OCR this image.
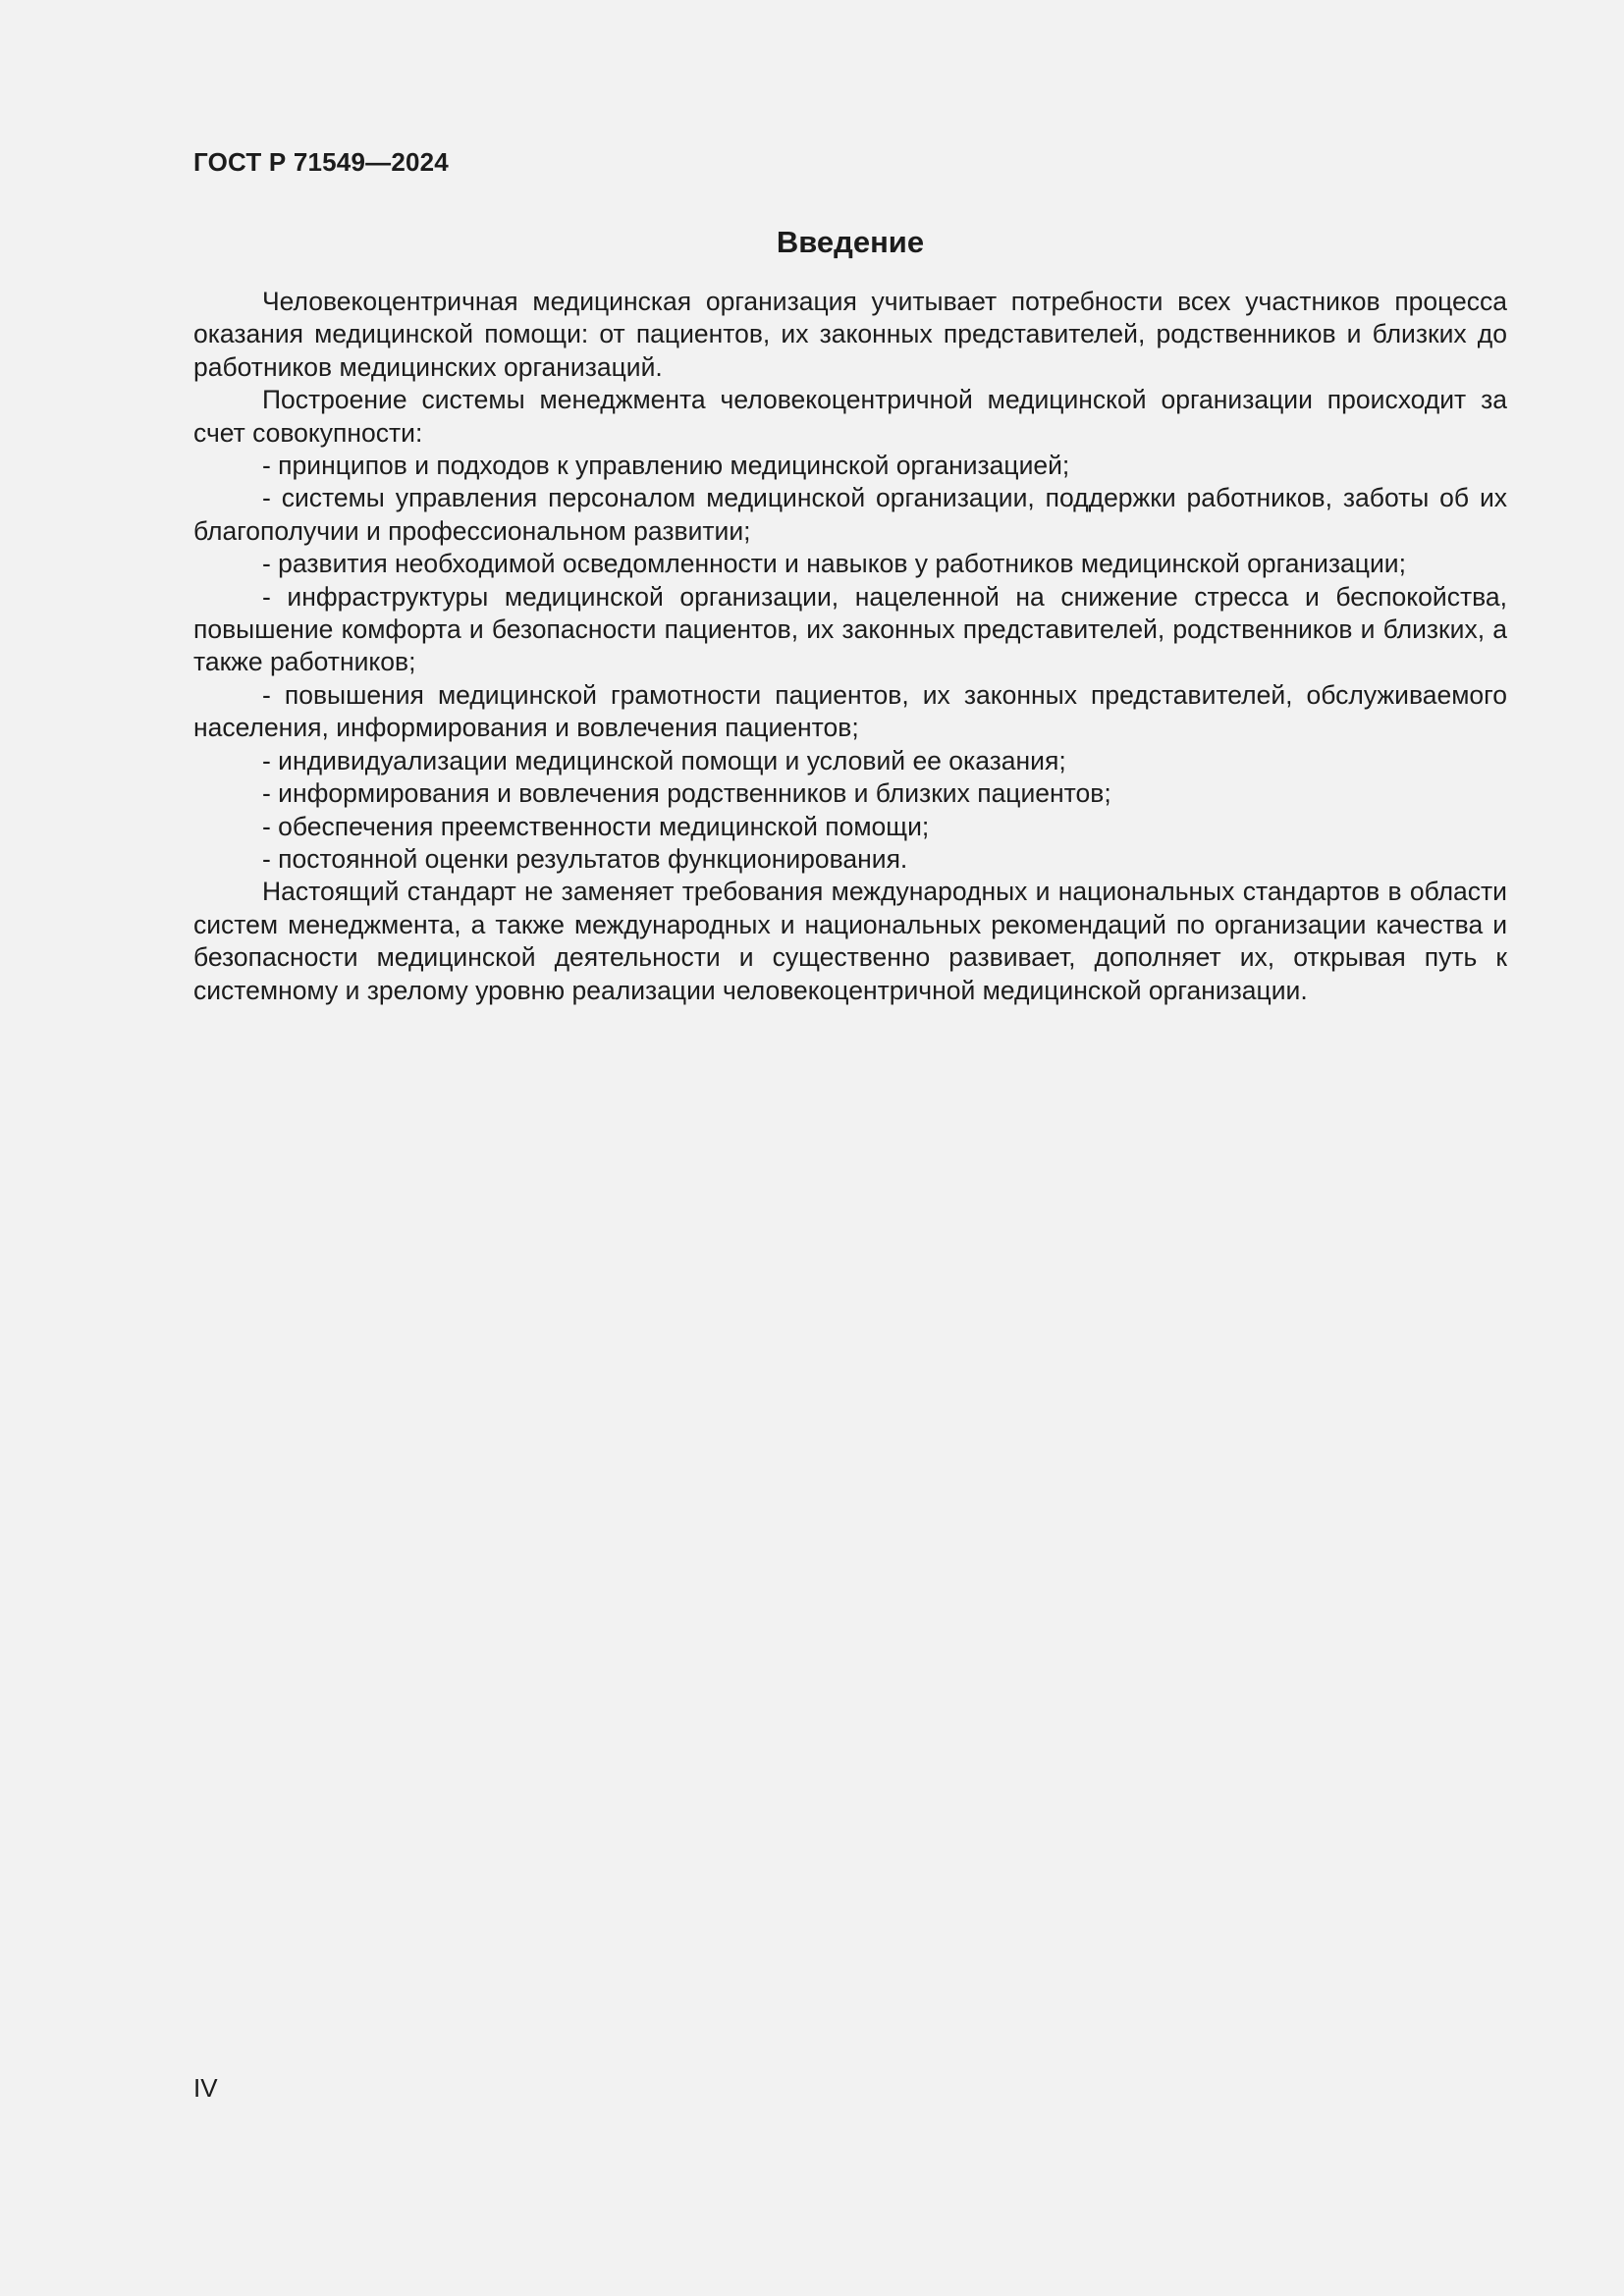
ГОСТ Р 71549—2024

Введение

Человекоцентричная медицинская организация учитывает потребности всех участников процесса оказания медицинской помощи: от пациентов, их законных представителей, родственников и близких до работников медицинских организаций.

Построение системы менеджмента человекоцентричной медицинской организации происходит за счет совокупности:

- принципов и подходов к управлению медицинской организацией;

- системы управления персоналом медицинской организации, поддержки работников, заботы об их благополучии и профессиональном развитии;

- развития необходимой осведомленности и навыков у работников медицинской организации;

- инфраструктуры медицинской организации, нацеленной на снижение стресса и беспокойства, повышение комфорта и безопасности пациентов, их законных представителей, родственников и близких, а также работников;

- повышения медицинской грамотности пациентов, их законных представителей, обслуживаемого населения, информирования и вовлечения пациентов;

- индивидуализации медицинской помощи и условий ее оказания;

- информирования и вовлечения родственников и близких пациентов;

- обеспечения преемственности медицинской помощи;

- постоянной оценки результатов функционирования.

Настоящий стандарт не заменяет требования международных и национальных стандартов в области систем менеджмента, а также международных и национальных рекомендаций по организации качества и безопасности медицинской деятельности и существенно развивает, дополняет их, открывая путь к системному и зрелому уровню реализации человекоцентричной медицинской организации.

IV
